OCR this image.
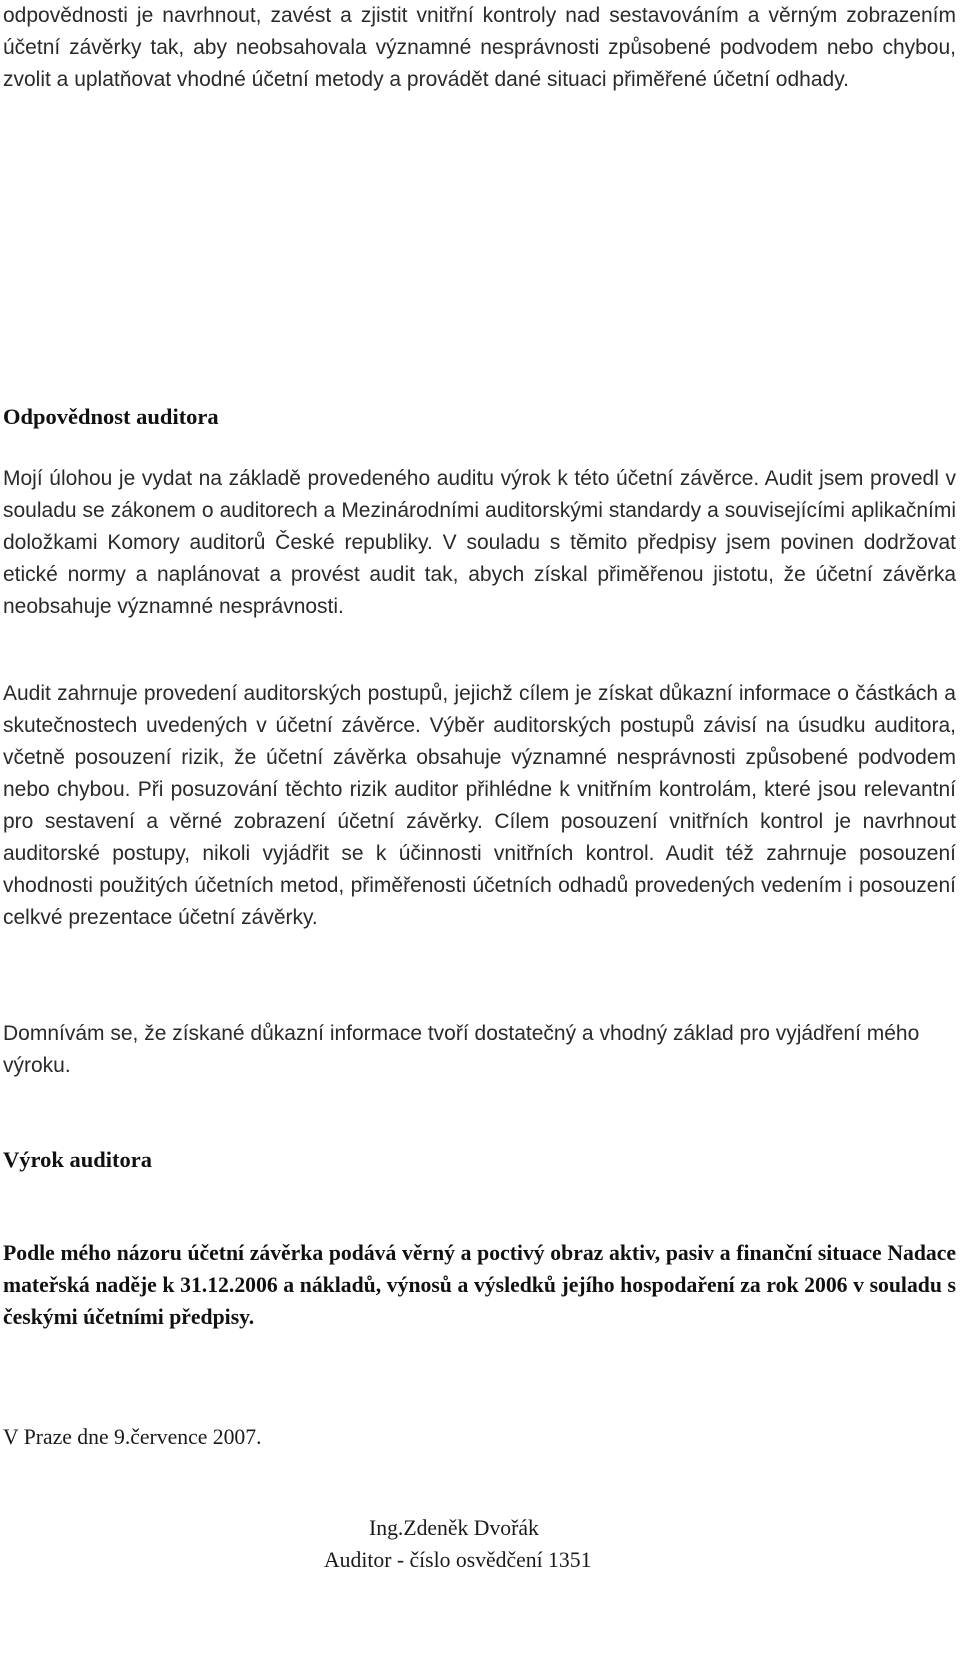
odpovědnosti je navrhnout, zavést a zjistit vnitřní kontroly nad sestavováním a věrným zobrazením účetní závěrky tak, aby neobsahovala významné nesprávnosti způsobené podvodem nebo chybou, zvolit a uplatňovat vhodné účetní metody a provádět dané situaci přiměřené účetní odhady.

Odpovědnost auditora

Mojí úlohou je vydat na základě provedeného auditu výrok k této účetní závěrce. Audit jsem provedl v souladu se zákonem o auditorech a Mezinárodními auditorskými standardy a souvisejícími aplikačními doložkami Komory auditorů České republiky. V souladu s těmito předpisy jsem povinen dodržovat etické normy a naplánovat a provést audit tak, abych získal přiměřenou jistotu, že účetní závěrka neobsahuje významné nesprávnosti.

Audit zahrnuje provedení auditorských postupů, jejichž cílem je získat důkazní informace o částkách a skutečnostech uvedených v účetní závěrce. Výběr auditorských postupů závisí na úsudku auditora, včetně posouzení rizik, že účetní závěrka obsahuje významné nesprávnosti způsobené podvodem nebo chybou. Při posuzování těchto rizik auditor přihlédne k vnitřním kontrolám, které jsou relevantní pro sestavení a věrné zobrazení účetní závěrky. Cílem posouzení vnitřních kontrol je navrhnout auditorské postupy, nikoli vyjádřit se k účinnosti vnitřních kontrol. Audit též zahrnuje posouzení vhodnosti použitých účetních metod, přiměřenosti účetních odhadů provedených vedením i posouzení celkvé prezentace účetní závěrky.

Domnívám se, že získané důkazní informace tvoří dostatečný a vhodný základ pro vyjádření mého výroku.

Výrok auditora

Podle mého názoru účetní závěrka podává věrný a poctivý obraz aktiv, pasiv a finanční situace Nadace mateřská naděje k 31.12.2006 a nákladů, výnosů a výsledků jejího hospodaření za rok 2006 v souladu s českými účetními předpisy.

V Praze dne 9.července 2007.
Ing.Zdeněk Dvořák
Auditor - číslo osvědčení 1351
